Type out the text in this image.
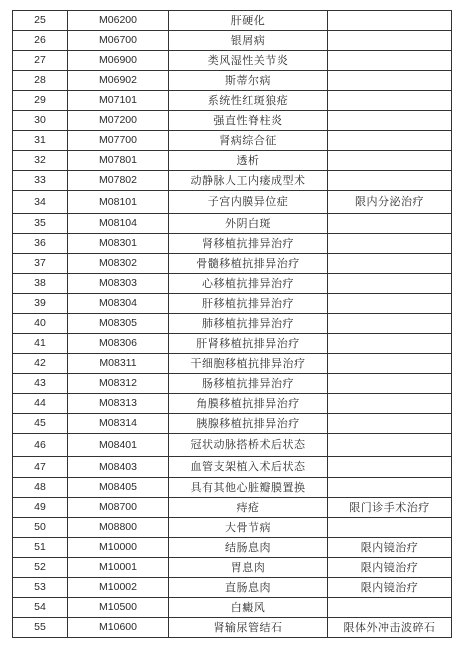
25	M06200	肝硬化	
26	M06700	银屑病	
27	M06900	类风湿性关节炎	
28	M06902	斯蒂尔病	
29	M07101	系统性红斑狼疮	
30	M07200	强直性脊柱炎	
31	M07700	肾病综合征	
32	M07801	透析	
33	M07802	动静脉人工内瘘成型术	
34	M08101	子宫内膜异位症	限内分泌治疗
35	M08104	外阴白斑	
36	M08301	肾移植抗排异治疗	
37	M08302	骨髓移植抗排异治疗	
38	M08303	心移植抗排异治疗	
39	M08304	肝移植抗排异治疗	
40	M08305	肺移植抗排异治疗	
41	M08306	肝肾移植抗排异治疗	
42	M08311	干细胞移植抗排异治疗	
43	M08312	肠移植抗排异治疗	
44	M08313	角膜移植抗排异治疗	
45	M08314	胰腺移植抗排异治疗	
46	M08401	冠状动脉搭桥术后状态	
47	M08403	血管支架植入术后状态	
48	M08405	具有其他心脏瓣膜置换	
49	M08700	痔疮	限门诊手术治疗
50	M08800	大骨节病	
51	M10000	结肠息肉	限内镜治疗
52	M10001	胃息肉	限内镜治疗
53	M10002	直肠息肉	限内镜治疗
54	M10500	白癜风	
55	M10600	肾输尿管结石	限体外冲击波碎石
